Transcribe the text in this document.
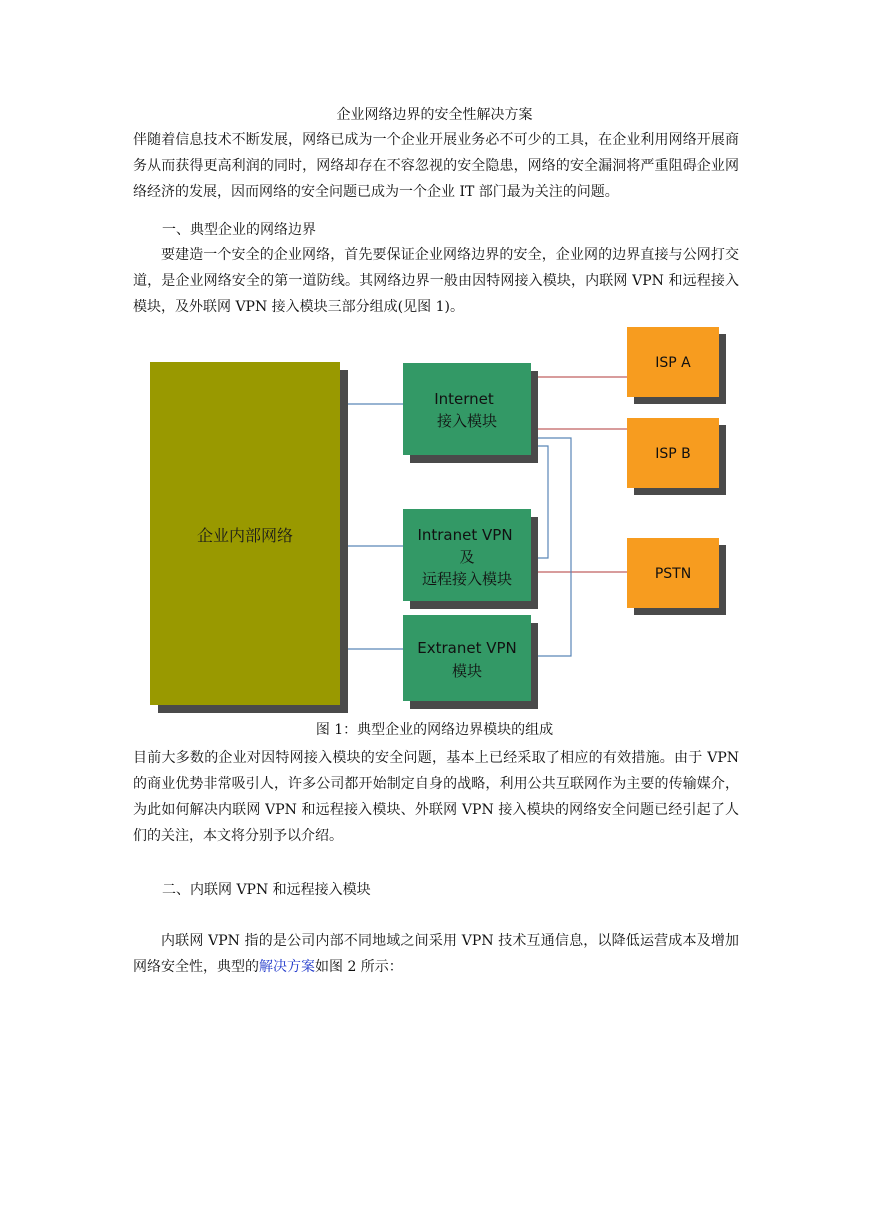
企业网络边界的安全性解决方案

伴随着信息技术不断发展，网络已成为一个企业开展业务必不可少的工具，在企业利用网络开展商务从而获得更高利润的同时，网络却存在不容忽视的安全隐患，网络的安全漏洞将严重阻碍企业网络经济的发展，因而网络的安全问题已成为一个企业 IT 部门最为关注的问题。

一、典型企业的网络边界

要建造一个安全的企业网络，首先要保证企业网络边界的安全，企业网的边界直接与公网打交道，是企业网络安全的第一道防线。其网络边界一般由因特网接入模块，内联网 VPN 和远程接入模块，及外联网 VPN 接入模块三部分组成(见图 1)。

企业内部网络
Internet
接入模块
Intranet VPN
及
远程接入模块
Extranet VPN
模块
ISP A
ISP B
PSTN
图 1：典型企业的网络边界模块的组成

目前大多数的企业对因特网接入模块的安全问题，基本上已经采取了相应的有效措施。由于 VPN 的商业优势非常吸引人，许多公司都开始制定自身的战略，利用公共互联网作为主要的传输媒介，为此如何解决内联网 VPN 和远程接入模块、外联网 VPN 接入模块的网络安全问题已经引起了人们的关注，本文将分别予以介绍。

二、内联网 VPN 和远程接入模块

内联网 VPN 指的是公司内部不同地域之间采用 VPN 技术互通信息，以降低运营成本及增加网络安全性，典型的解决方案如图 2 所示：
